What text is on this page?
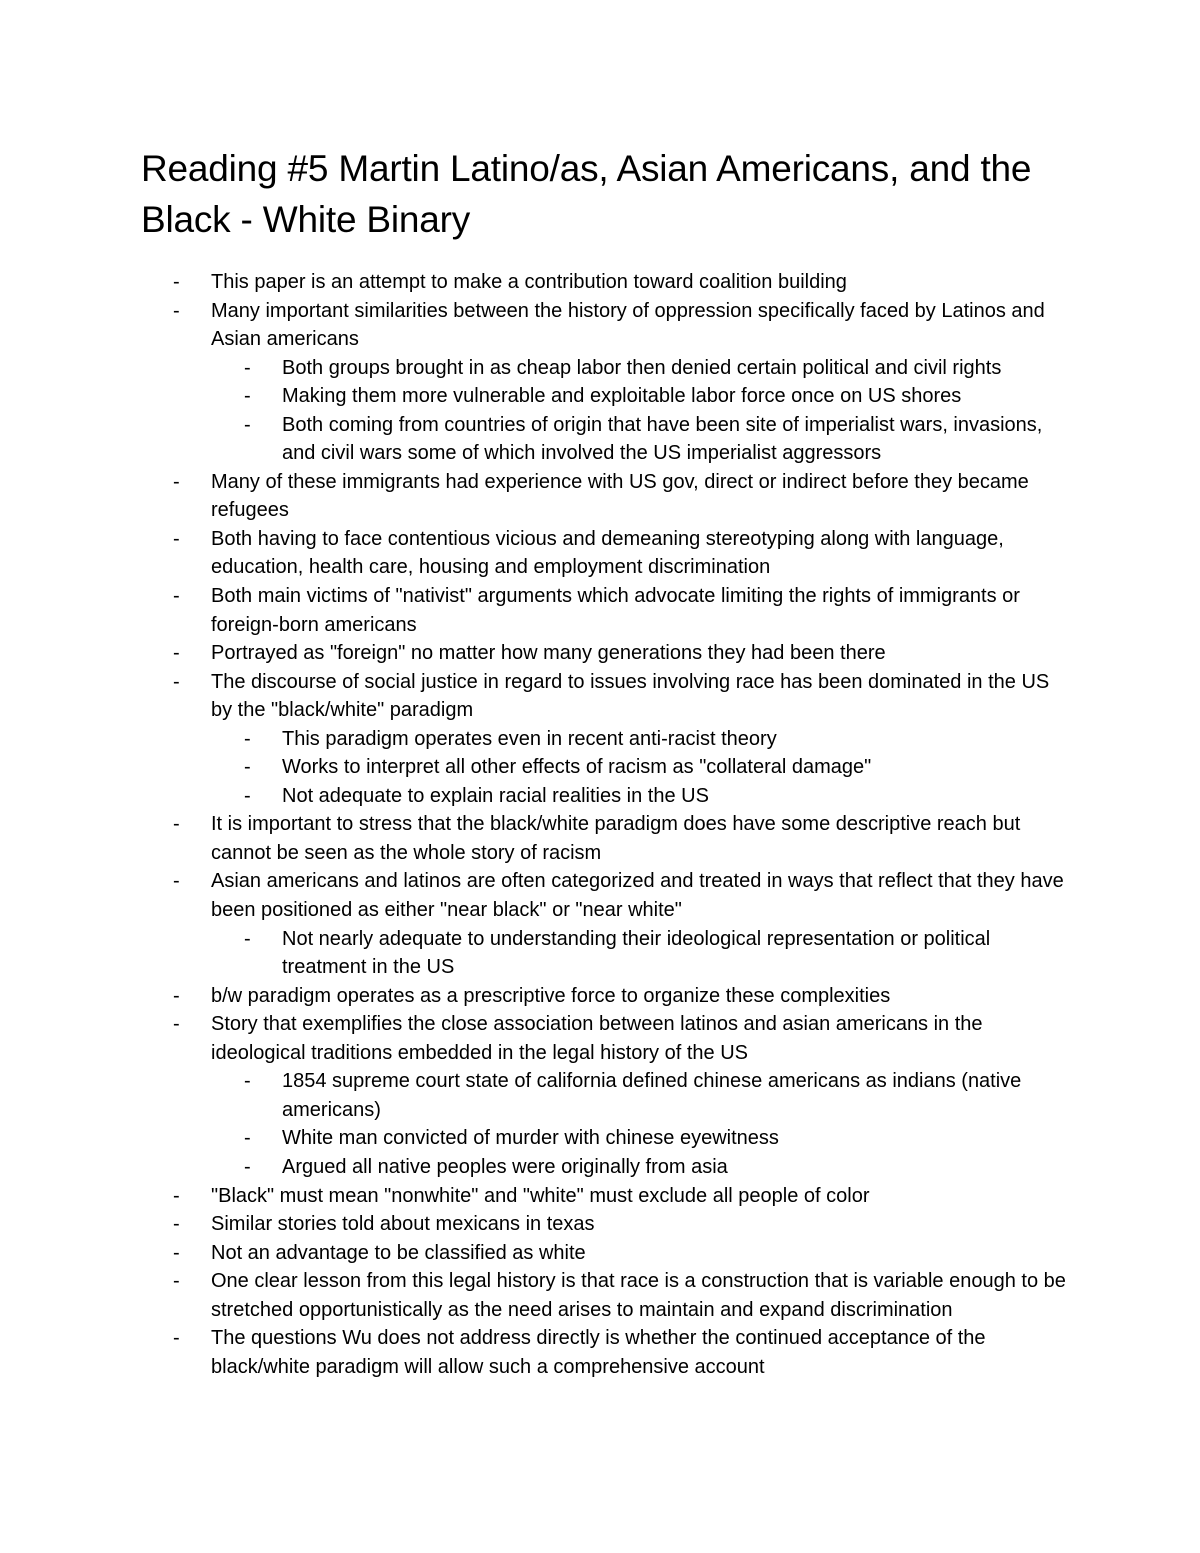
Reading #5 Martin Latino/as, Asian Americans, and the Black - White Binary
- This paper is an attempt to make a contribution toward coalition building
- Many important similarities between the history of oppression specifically faced by Latinos and Asian americans
- Both groups brought in as cheap labor then denied certain political and civil rights
- Making them more vulnerable and exploitable labor force once on US shores
- Both coming from countries of origin that have been site of imperialist wars, invasions, and civil wars some of which involved the US imperialist aggressors
- Many of these immigrants had experience with US gov, direct or indirect before they became refugees
- Both having to face contentious vicious and demeaning stereotyping along with language, education, health care, housing and employment discrimination
- Both main victims of "nativist" arguments which advocate limiting the rights of immigrants or foreign-born americans
- Portrayed as "foreign" no matter how many generations they had been there
- The discourse of social justice in regard to issues involving race has been dominated in the US by the "black/white" paradigm
- This paradigm operates even in recent anti-racist theory
- Works to interpret all other effects of racism as "collateral damage"
- Not adequate to explain racial realities in the US
- It is important to stress that the black/white paradigm does have some descriptive reach but cannot be seen as the whole story of racism
- Asian americans and latinos are often categorized and treated in ways that reflect that they have been positioned as either "near black" or "near white"
- Not nearly adequate to understanding their ideological representation or political treatment in the US
- b/w paradigm operates as a prescriptive force to organize these complexities
- Story that exemplifies the close association between latinos and asian americans in the ideological traditions embedded in the legal history of the US
- 1854 supreme court state of california defined chinese americans as indians (native americans)
- White man convicted of murder with chinese eyewitness
- Argued all native peoples were originally from asia
- "Black" must mean "nonwhite" and "white" must exclude all people of color
- Similar stories told about mexicans in texas
- Not an advantage to be classified as white
- One clear lesson from this legal history is that race is a construction that is variable enough to be stretched opportunistically as the need arises to maintain and expand discrimination
- The questions Wu does not address directly is whether the continued acceptance of the black/white paradigm will allow such a comprehensive account
